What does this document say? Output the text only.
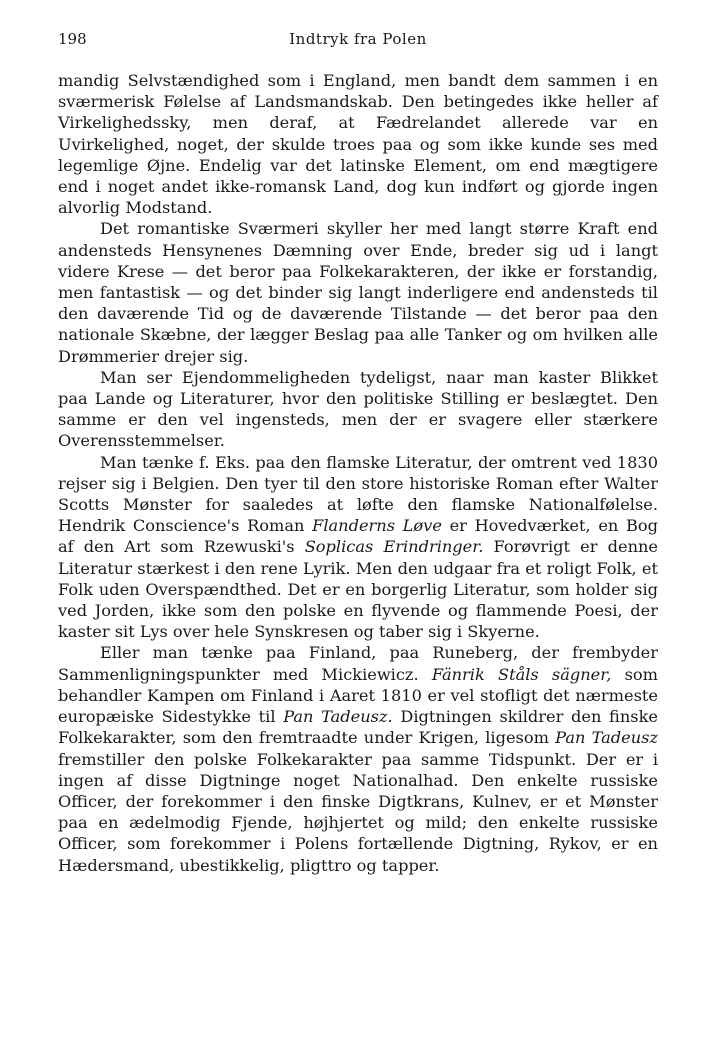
198	Indtryk fra Polen

mandig Selvstændighed som i England, men bandt dem sammen i en sværmerisk Følelse af Landsmandskab. Den betingedes ikke heller af Virkelighedssky, men deraf, at Fædrelandet allerede var en Uvirkelighed, noget, der skulde troes paa og som ikke kunde ses med legemlige Øjne. Endelig var det latinske Element, om end mægtigere end i noget andet ikke-romansk Land, dog kun indført og gjorde ingen alvorlig Modstand.

Det romantiske Sværmeri skyller her med langt større Kraft end andensteds Hensynenes Dæmning over Ende, breder sig ud i langt videre Krese — det beror paa Folkekarakteren, der ikke er forstandig, men fantastisk — og det binder sig langt inderligere end andensteds til den daværende Tid og de daværende Tilstande — det beror paa den nationale Skæbne, der lægger Beslag paa alle Tanker og om hvilken alle Drømmerier drejer sig.

Man ser Ejendommeligheden tydeligst, naar man kaster Blikket paa Lande og Literaturer, hvor den politiske Stilling er beslægtet. Den samme er den vel ingensteds, men der er svagere eller stærkere Overensstemmelser.

Man tænke f. Eks. paa den flamske Literatur, der omtrent ved 1830 rejser sig i Belgien. Den tyer til den store historiske Roman efter Walter Scotts Mønster for saaledes at løfte den flamske Nationalfølelse. Hendrik Conscience's Roman Flanderns Løve er Hovedværket, en Bog af den Art som Rzewuski's Soplicas Erindringer. Forøvrigt er denne Literatur stærkest i den rene Lyrik. Men den udgaar fra et roligt Folk, et Folk uden Overspændthed. Det er en borgerlig Literatur, som holder sig ved Jorden, ikke som den polske en flyvende og flammende Poesi, der kaster sit Lys over hele Synskresen og taber sig i Skyerne.

Eller man tænke paa Finland, paa Runeberg, der frembyder Sammenligningspunkter med Mickiewicz. Fänrik Ståls sägner, som behandler Kampen om Finland i Aaret 1810 er vel stofligt det nærmeste europæiske Sidestykke til Pan Tadeusz. Digtningen skildrer den finske Folkekarakter, som den fremtraadte under Krigen, ligesom Pan Tadeusz fremstiller den polske Folkekarakter paa samme Tidspunkt. Der er i ingen af disse Digtninge noget Nationalhad. Den enkelte russiske Officer, der forekommer i den finske Digtkrans, Kulnev, er et Mønster paa en ædelmodig Fjende, højhjertet og mild; den enkelte russiske Officer, som forekommer i Polens fortællende Digtning, Rykov, er en Hædersmand, ubestikkelig, pligttro og tapper.
